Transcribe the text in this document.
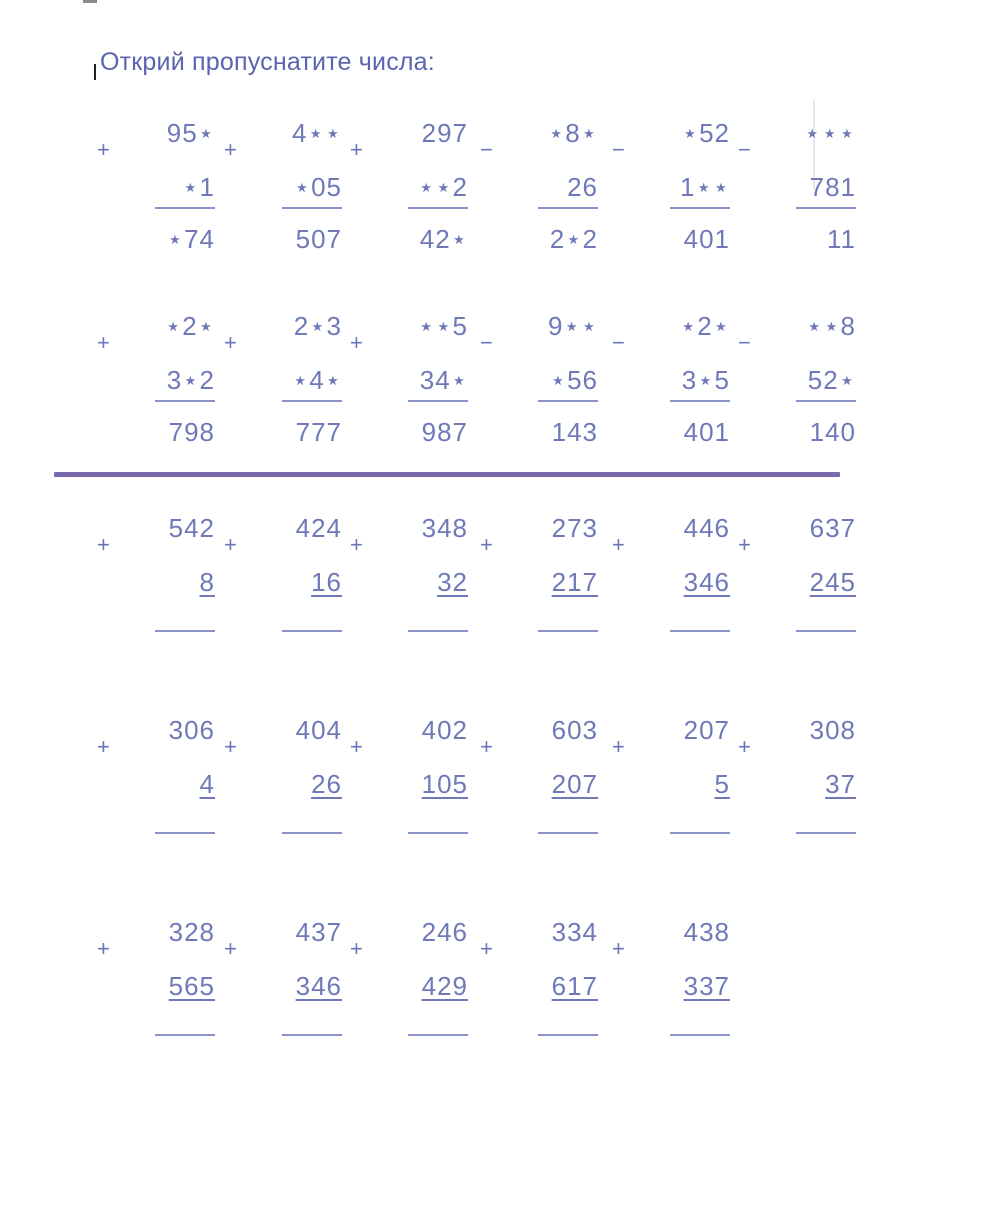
Открий пропуснатите числа:
+
95⋆
⋆1
⋆74
+
4⋆⋆
⋆05
507
+
297
⋆⋆2
42⋆
−
⋆8⋆
26
2⋆2
−
⋆52
1⋆⋆
401
−
⋆⋆⋆
781
11
+
⋆2⋆
3⋆2
798
+
2⋆3
⋆4⋆
777
+
⋆⋆5
34⋆
987
−
9⋆⋆
⋆56
143
−
⋆2⋆
3⋆5
401
−
⋆⋆8
52⋆
140
+
542
8
+
424
16
+
348
32
+
273
217
+
446
346
+
637
245
+
306
4
+
404
26
+
402
105
+
603
207
+
207
5
+
308
37
+
328
565
+
437
346
+
246
429
+
334
617
+
438
337
